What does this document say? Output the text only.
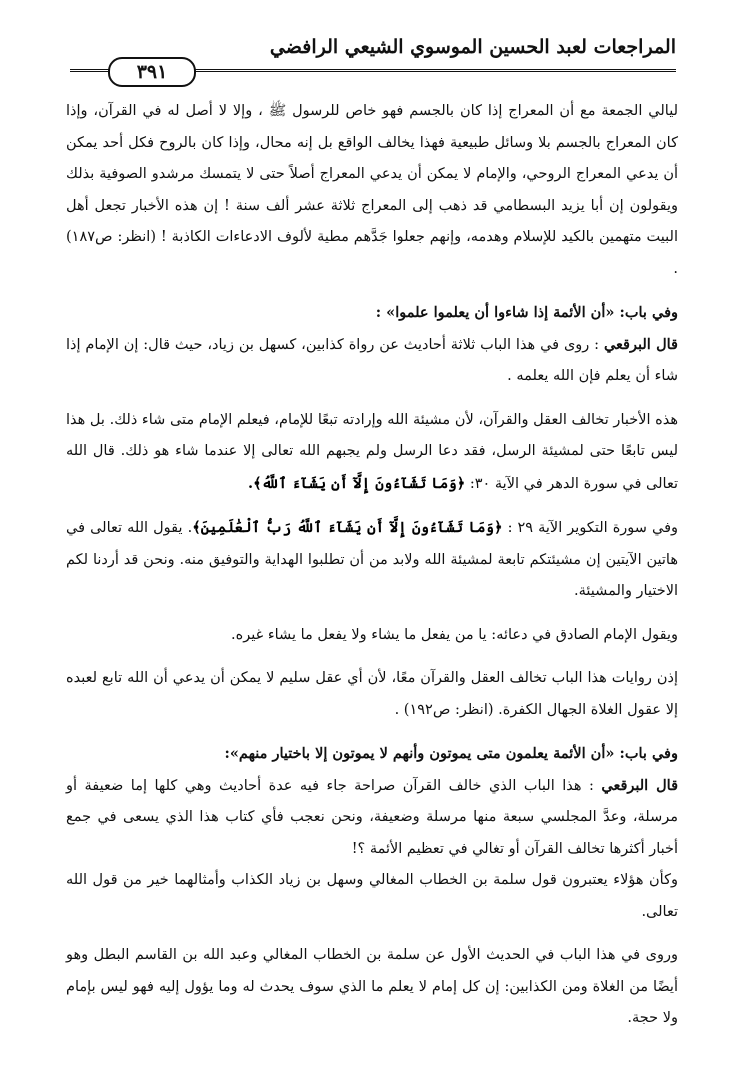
المراجعات لعبد الحسين الموسوي الشيعي الرافضي
٣٩١

ليالي الجمعة مع أن المعراج إذا كان بالجسم فهو خاص للرسول ﷺ ، وإلا لا أصل له في القرآن، وإذا كان المعراج بالجسم بلا وسائل طبيعية فهذا يخالف الواقع بل إنه محال، وإذا كان بالروح فكل أحد يمكن أن يدعي المعراج الروحي، والإمام لا يمكن أن يدعي المعراج أصلاً حتى لا يتمسك مرشدو الصوفية بذلك ويقولون إن أبا يزيد البسطامي قد ذهب إلى المعراج ثلاثة عشر ألف سنة ! إن هذه الأخبار تجعل أهل البيت متهمين بالكيد للإسلام وهدمه، وإنهم جعلوا جَدَّهم مطية لألوف الادعاءات الكاذبة ! (انظر: ص١٨٧) .

وفي باب: «أن الأئمة إذا شاءوا أن يعلموا علموا» :

قال البرقعي : روى في هذا الباب ثلاثة أحاديث عن رواة كذابين، كسهل بن زياد، حيث قال: إن الإمام إذا شاء أن يعلم فإن الله يعلمه .

هذه الأخبار تخالف العقل والقرآن، لأن مشيئة الله وإرادته تبعًا للإمام، فيعلم الإمام متى شاء ذلك. بل هذا ليس تابعًا حتى لمشيئة الرسل، فقد دعا الرسل ولم يجبهم الله تعالى إلا عندما شاء هو ذلك. قال الله تعالى في سورة الدهر في الآية ٣٠: ﴿وَمَا تَشَآءُونَ إِلَّآ أَن يَشَآءَ ٱللَّهُ﴾.

وفي سورة التكوير الآية ٢٩ : ﴿وَمَا تَشَآءُونَ إِلَّآ أَن يَشَآءَ ٱللَّهُ رَبُّ ٱلْعَٰلَمِينَ﴾. يقول الله تعالى في هاتين الآيتين إن مشيئتكم تابعة لمشيئة الله ولابد من أن تطلبوا الهداية والتوفيق منه. ونحن قد أردنا لكم الاختيار والمشيئة.

ويقول الإمام الصادق في دعائه: يا من يفعل ما يشاء ولا يفعل ما يشاء غيره.

إذن روايات هذا الباب تخالف العقل والقرآن معًا، لأن أي عقل سليم لا يمكن أن يدعي أن الله تابع لعبده إلا عقول الغلاة الجهال الكفرة. (انظر: ص١٩٢) .

وفي باب: «أن الأئمة يعلمون متى يموتون وأنهم لا يموتون إلا باختيار منهم»:

قال البرقعي : هذا الباب الذي خالف القرآن صراحة جاء فيه عدة أحاديث وهي كلها إما ضعيفة أو مرسلة، وعدَّ المجلسي سبعة منها مرسلة وضعيفة، ونحن نعجب فأي كتاب هذا الذي يسعى في جمع أخبار أكثرها تخالف القرآن أو تغالي في تعظيم الأئمة ؟!

وكأن هؤلاء يعتبرون قول سلمة بن الخطاب المغالي وسهل بن زياد الكذاب وأمثالهما خير من قول الله تعالى.

وروى في هذا الباب في الحديث الأول عن سلمة بن الخطاب المغالي وعبد الله بن القاسم البطل وهو أيضًا من الغلاة ومن الكذابين: إن كل إمام لا يعلم ما الذي سوف يحدث له وما يؤول إليه فهو ليس بإمام ولا حجة.
